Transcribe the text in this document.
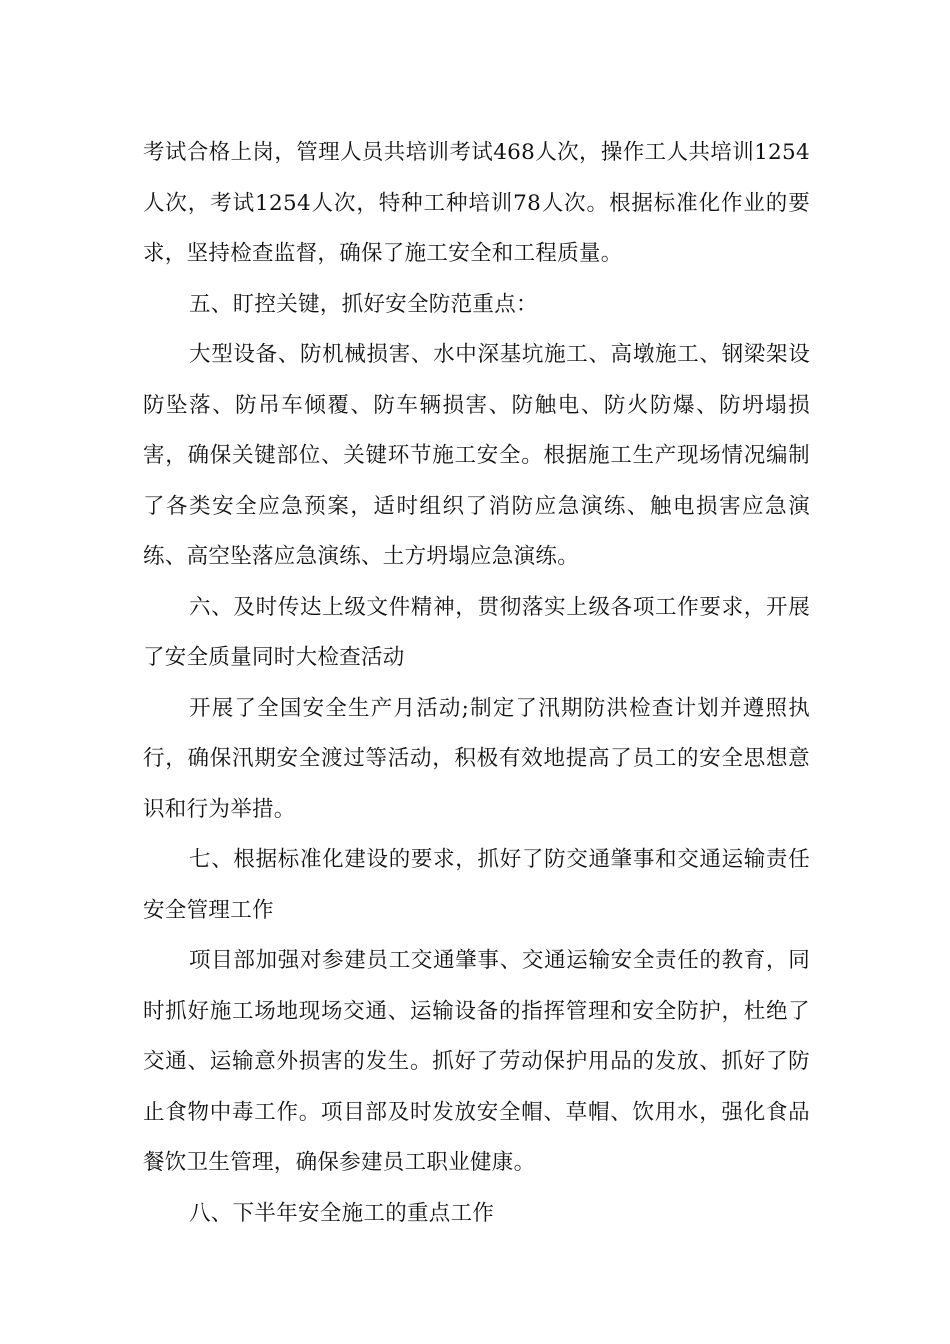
考试合格上岗，管理人员共培训考试468人次，操作工人共培训1254人次，考试1254人次，特种工种培训78人次。根据标准化作业的要求，坚持检查监督，确保了施工安全和工程质量。

五、盯控关键，抓好安全防范重点：

大型设备、防机械损害、水中深基坑施工、高墩施工、钢梁架设防坠落、防吊车倾覆、防车辆损害、防触电、防火防爆、防坍塌损害，确保关键部位、关键环节施工安全。根据施工生产现场情况编制了各类安全应急预案，适时组织了消防应急演练、触电损害应急演练、高空坠落应急演练、土方坍塌应急演练。

六、及时传达上级文件精神，贯彻落实上级各项工作要求，开展了安全质量同时大检查活动

开展了全国安全生产月活动;制定了汛期防洪检查计划并遵照执行，确保汛期安全渡过等活动，积极有效地提高了员工的安全思想意识和行为举措。

七、根据标准化建设的要求，抓好了防交通肇事和交通运输责任安全管理工作

项目部加强对参建员工交通肇事、交通运输安全责任的教育，同时抓好施工场地现场交通、运输设备的指挥管理和安全防护，杜绝了交通、运输意外损害的发生。抓好了劳动保护用品的发放、抓好了防止食物中毒工作。项目部及时发放安全帽、草帽、饮用水，强化食品餐饮卫生管理，确保参建员工职业健康。

八、下半年安全施工的重点工作
